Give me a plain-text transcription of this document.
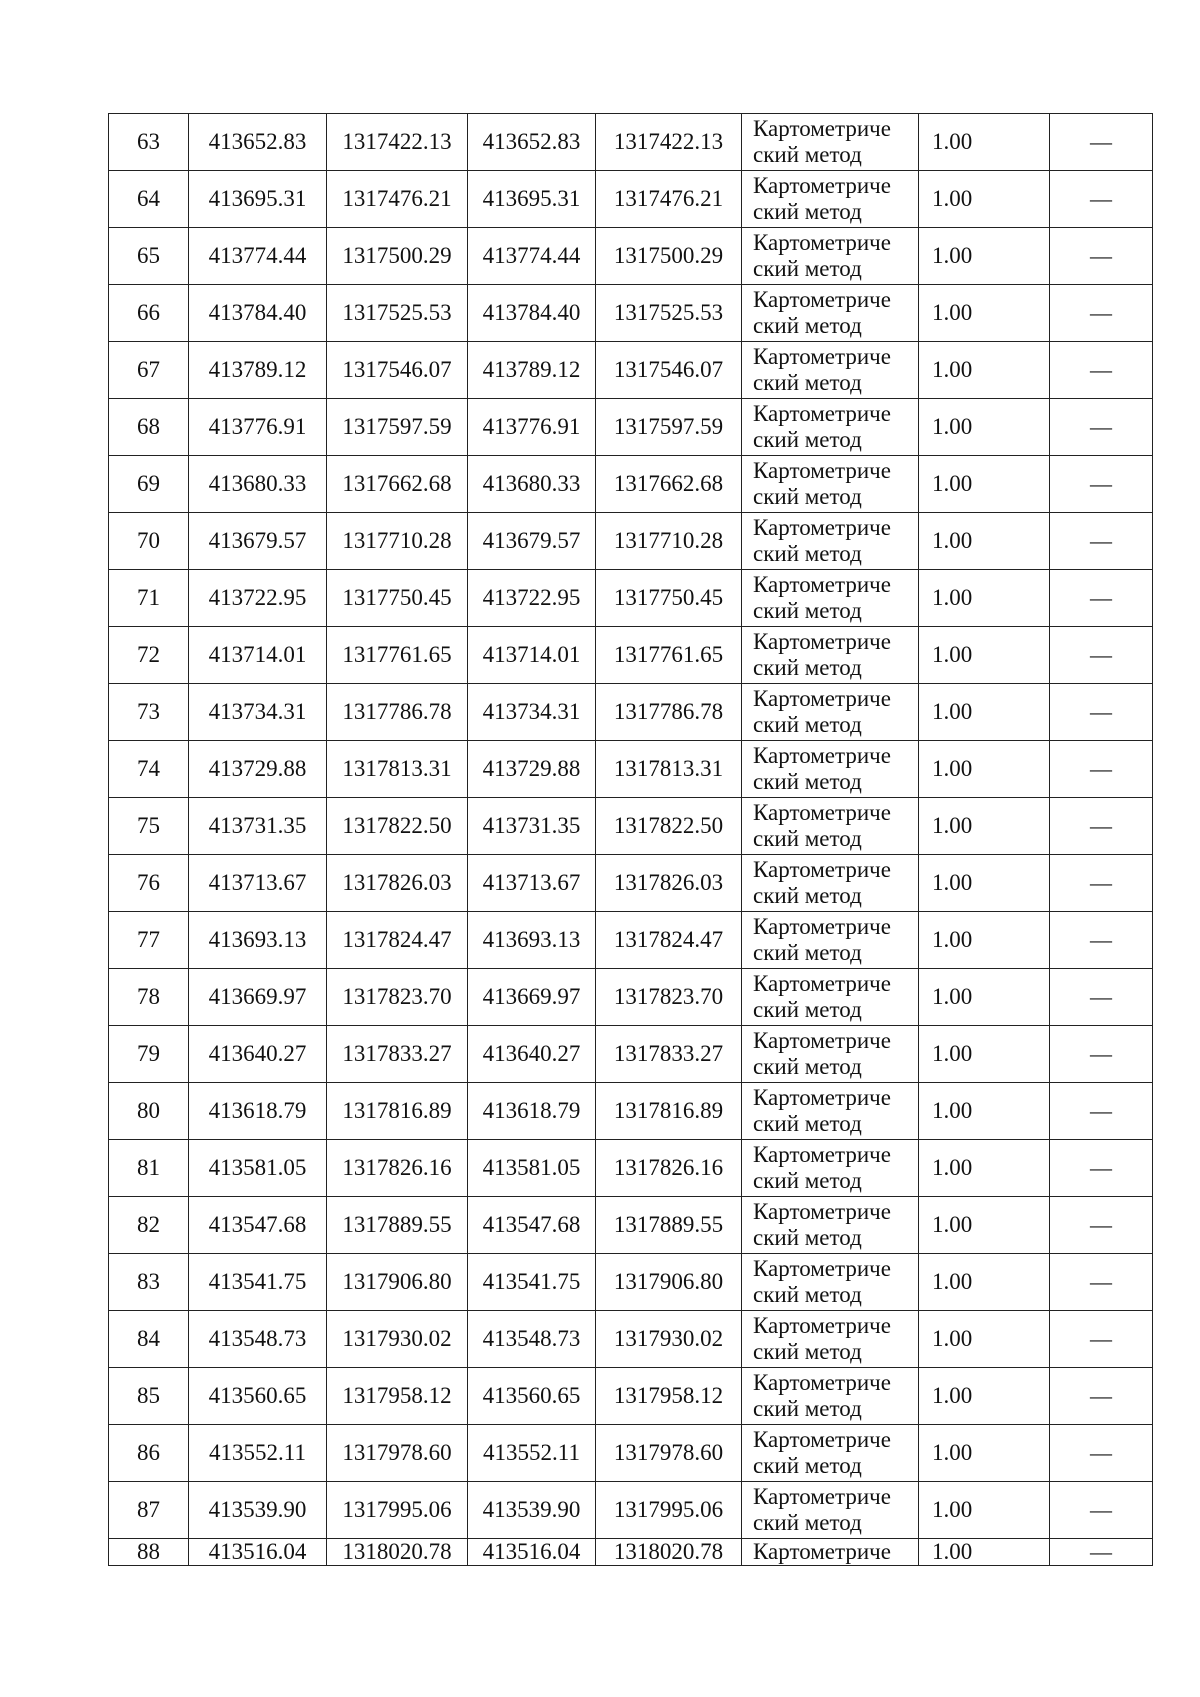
63	413652.83	1317422.13	413652.83	1317422.13	Картометриче
ский метод	1.00	—
64	413695.31	1317476.21	413695.31	1317476.21	Картометриче
ский метод	1.00	—
65	413774.44	1317500.29	413774.44	1317500.29	Картометриче
ский метод	1.00	—
66	413784.40	1317525.53	413784.40	1317525.53	Картометриче
ский метод	1.00	—
67	413789.12	1317546.07	413789.12	1317546.07	Картометриче
ский метод	1.00	—
68	413776.91	1317597.59	413776.91	1317597.59	Картометриче
ский метод	1.00	—
69	413680.33	1317662.68	413680.33	1317662.68	Картометриче
ский метод	1.00	—
70	413679.57	1317710.28	413679.57	1317710.28	Картометриче
ский метод	1.00	—
71	413722.95	1317750.45	413722.95	1317750.45	Картометриче
ский метод	1.00	—
72	413714.01	1317761.65	413714.01	1317761.65	Картометриче
ский метод	1.00	—
73	413734.31	1317786.78	413734.31	1317786.78	Картометриче
ский метод	1.00	—
74	413729.88	1317813.31	413729.88	1317813.31	Картометриче
ский метод	1.00	—
75	413731.35	1317822.50	413731.35	1317822.50	Картометриче
ский метод	1.00	—
76	413713.67	1317826.03	413713.67	1317826.03	Картометриче
ский метод	1.00	—
77	413693.13	1317824.47	413693.13	1317824.47	Картометриче
ский метод	1.00	—
78	413669.97	1317823.70	413669.97	1317823.70	Картометриче
ский метод	1.00	—
79	413640.27	1317833.27	413640.27	1317833.27	Картометриче
ский метод	1.00	—
80	413618.79	1317816.89	413618.79	1317816.89	Картометриче
ский метод	1.00	—
81	413581.05	1317826.16	413581.05	1317826.16	Картометриче
ский метод	1.00	—
82	413547.68	1317889.55	413547.68	1317889.55	Картометриче
ский метод	1.00	—
83	413541.75	1317906.80	413541.75	1317906.80	Картометриче
ский метод	1.00	—
84	413548.73	1317930.02	413548.73	1317930.02	Картометриче
ский метод	1.00	—
85	413560.65	1317958.12	413560.65	1317958.12	Картометриче
ский метод	1.00	—
86	413552.11	1317978.60	413552.11	1317978.60	Картометриче
ский метод	1.00	—
87	413539.90	1317995.06	413539.90	1317995.06	Картометриче
ский метод	1.00	—
88	413516.04	1318020.78	413516.04	1318020.78	Картометриче	1.00	—
